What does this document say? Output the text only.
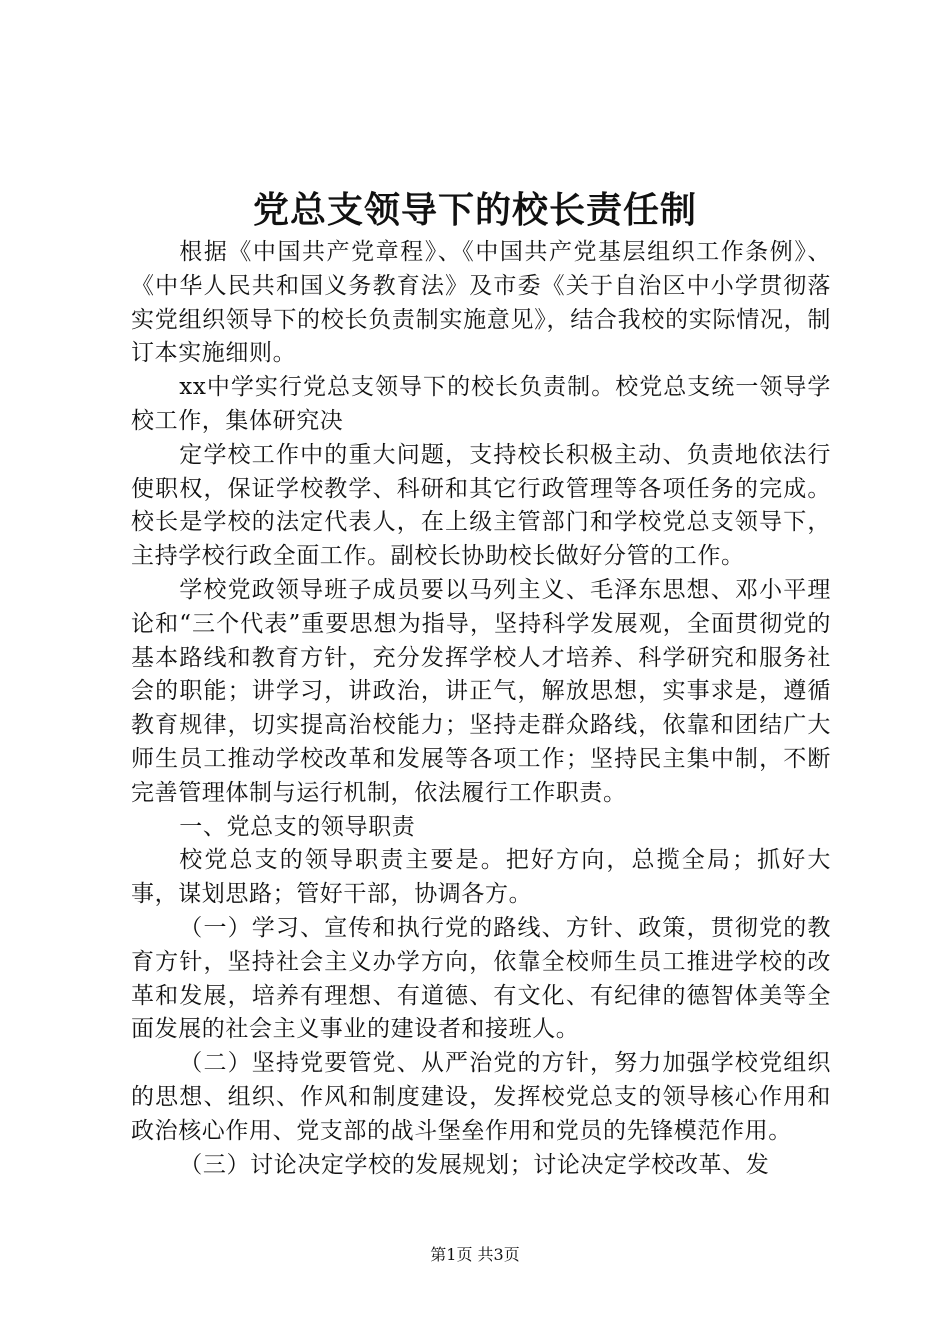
党总支领导下的校长责任制

根据《中国共产党章程》、《中国共产党基层组织工作条例》、《中华人民共和国义务教育法》及市委《关于自治区中小学贯彻落实党组织领导下的校长负责制实施意见》，结合我校的实际情况，制订本实施细则。

xx中学实行党总支领导下的校长负责制。校党总支统一领导学校工作，集体研究决

定学校工作中的重大问题，支持校长积极主动、负责地依法行使职权，保证学校教学、科研和其它行政管理等各项任务的完成。校长是学校的法定代表人，在上级主管部门和学校党总支领导下，主持学校行政全面工作。副校长协助校长做好分管的工作。

学校党政领导班子成员要以马列主义、毛泽东思想、邓小平理论和“三个代表”重要思想为指导，坚持科学发展观，全面贯彻党的基本路线和教育方针，充分发挥学校人才培养、科学研究和服务社会的职能；讲学习，讲政治，讲正气，解放思想，实事求是，遵循教育规律，切实提高治校能力；坚持走群众路线，依靠和团结广大师生员工推动学校改革和发展等各项工作；坚持民主集中制，不断完善管理体制与运行机制，依法履行工作职责。

一、党总支的领导职责

校党总支的领导职责主要是。把好方向，总揽全局；抓好大事，谋划思路；管好干部，协调各方。

（一）学习、宣传和执行党的路线、方针、政策，贯彻党的教育方针，坚持社会主义办学方向，依靠全校师生员工推进学校的改革和发展，培养有理想、有道德、有文化、有纪律的德智体美等全面发展的社会主义事业的建设者和接班人。

（二）坚持党要管党、从严治党的方针，努力加强学校党组织的思想、组织、作风和制度建设，发挥校党总支的领导核心作用和政治核心作用、党支部的战斗堡垒作用和党员的先锋模范作用。

（三）讨论决定学校的发展规划；讨论决定学校改革、发

第1页 共3页
